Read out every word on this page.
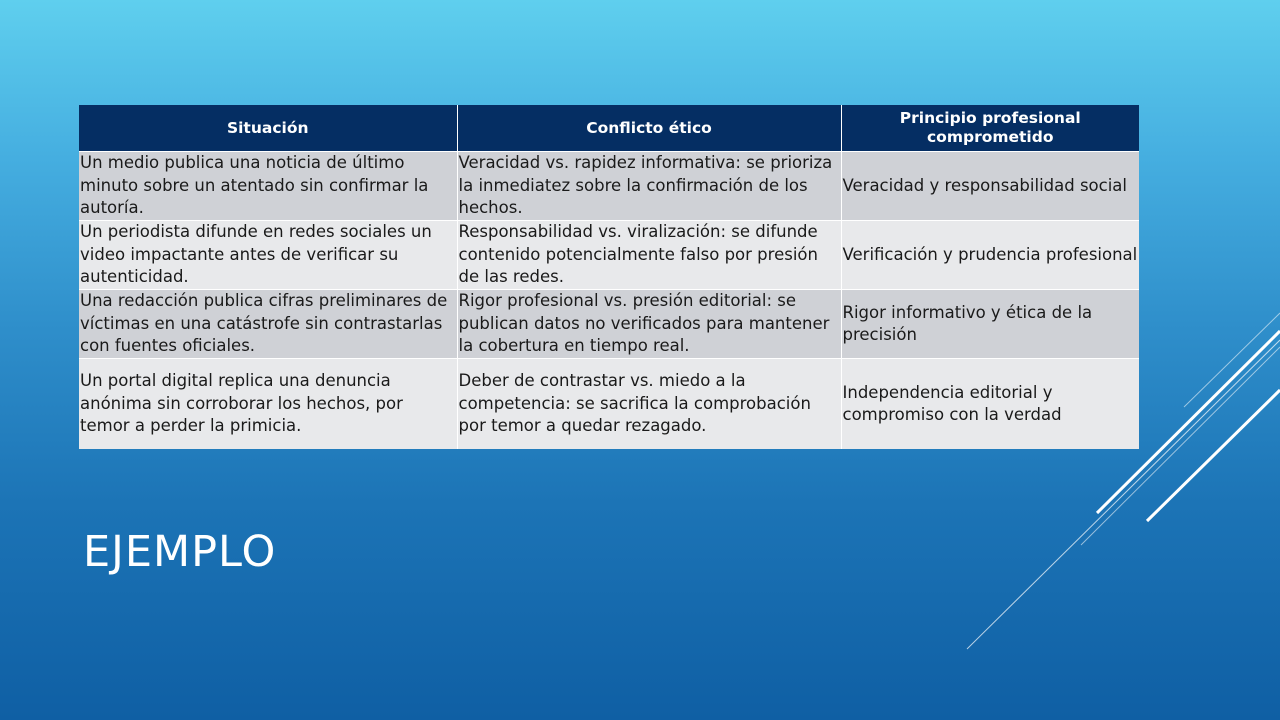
Situación	Conflicto ético	Principio profesional comprometido
Un medio publica una noticia de último minuto sobre un atentado sin confirmar la autoría.	Veracidad vs. rapidez informativa: se prioriza la inmediatez sobre la confirmación de los hechos.	Veracidad y responsabilidad social
Un periodista difunde en redes sociales un video impactante antes de verificar su autenticidad.	Responsabilidad vs. viralización: se difunde contenido potencialmente falso por presión de las redes.	Verificación y prudencia profesional
Una redacción publica cifras preliminares de víctimas en una catástrofe sin contrastarlas con fuentes oficiales.	Rigor profesional vs. presión editorial: se publican datos no verificados para mantener la cobertura en tiempo real.	Rigor informativo y ética de la precisión
Un portal digital replica una denuncia anónima sin corroborar los hechos, por temor a perder la primicia.	Deber de contrastar vs. miedo a la competencia: se sacrifica la comprobación por temor a quedar rezagado.	Independencia editorial y compromiso con la verdad
EJEMPLO
